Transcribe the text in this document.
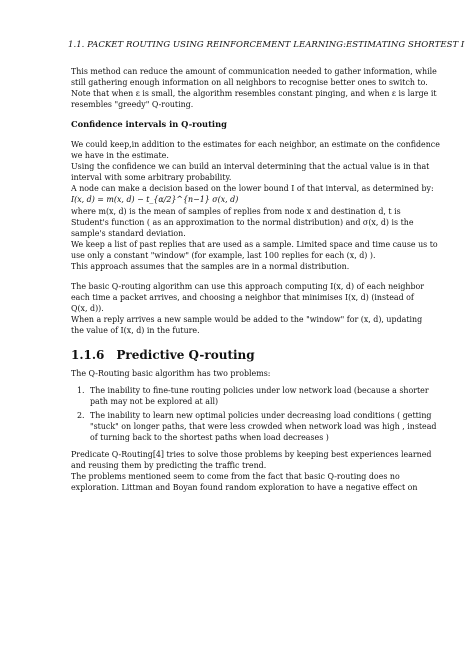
1.1. PACKET ROUTING USING REINFORCEMENT LEARNING:ESTIMATING SHORTEST I

This method can reduce the amount of communication needed to gather information, while
still gathering enough information on all neighbors to recognise better ones to switch to.
Note that when ε is small, the algorithm resembles constant pinging, and when ε is large it
resembles "greedy" Q-routing.

Confidence intervals in Q-routing

We could keep,in addition to the estimates for each neighbor, an estimate on the confidence
we have in the estimate.
Using the confidence we can build an interval determining that the actual value is in that
interval with some arbitrary probability.
A node can make a decision based on the lower bound I of that interval, as determined by:
I(x, d) = m(x, d) − t_{α/2}^{n−1} σ(x, d)
where m(x, d) is the mean of samples of replies from node x and destination d, t is
Student's function ( as an approximation to the normal distribution) and σ(x, d) is the
sample's standard deviation.
We keep a list of past replies that are used as a sample. Limited space and time cause us to
use only a constant "window" (for example, last 100 replies for each (x, d) ).
This approach assumes that the samples are in a normal distribution.

The basic Q-routing algorithm can use this approach computing I(x, d) of each neighbor
each time a packet arrives, and choosing a neighbor that minimises I(x, d) (instead of
Q(x, d)).
When a reply arrives a new sample would be added to the "window" for (x, d), updating
the value of I(x, d) in the future.

1.1.6 Predictive Q-routing

The Q-Routing basic algorithm has two problems:

1. The inability to fine-tune routing policies under low network load (because a shorter
path may not be explored at all)
2. The inability to learn new optimal policies under decreasing load conditions ( getting
"stuck" on longer paths, that were less crowded when network load was high , instead
of turning back to the shortest paths when load decreases )

Predicate Q-Routing[4] tries to solve those problems by keeping best experiences learned
and reusing them by predicting the traffic trend.
The problems mentioned seem to come from the fact that basic Q-routing does no
exploration. Littman and Boyan found random exploration to have a negative effect on
